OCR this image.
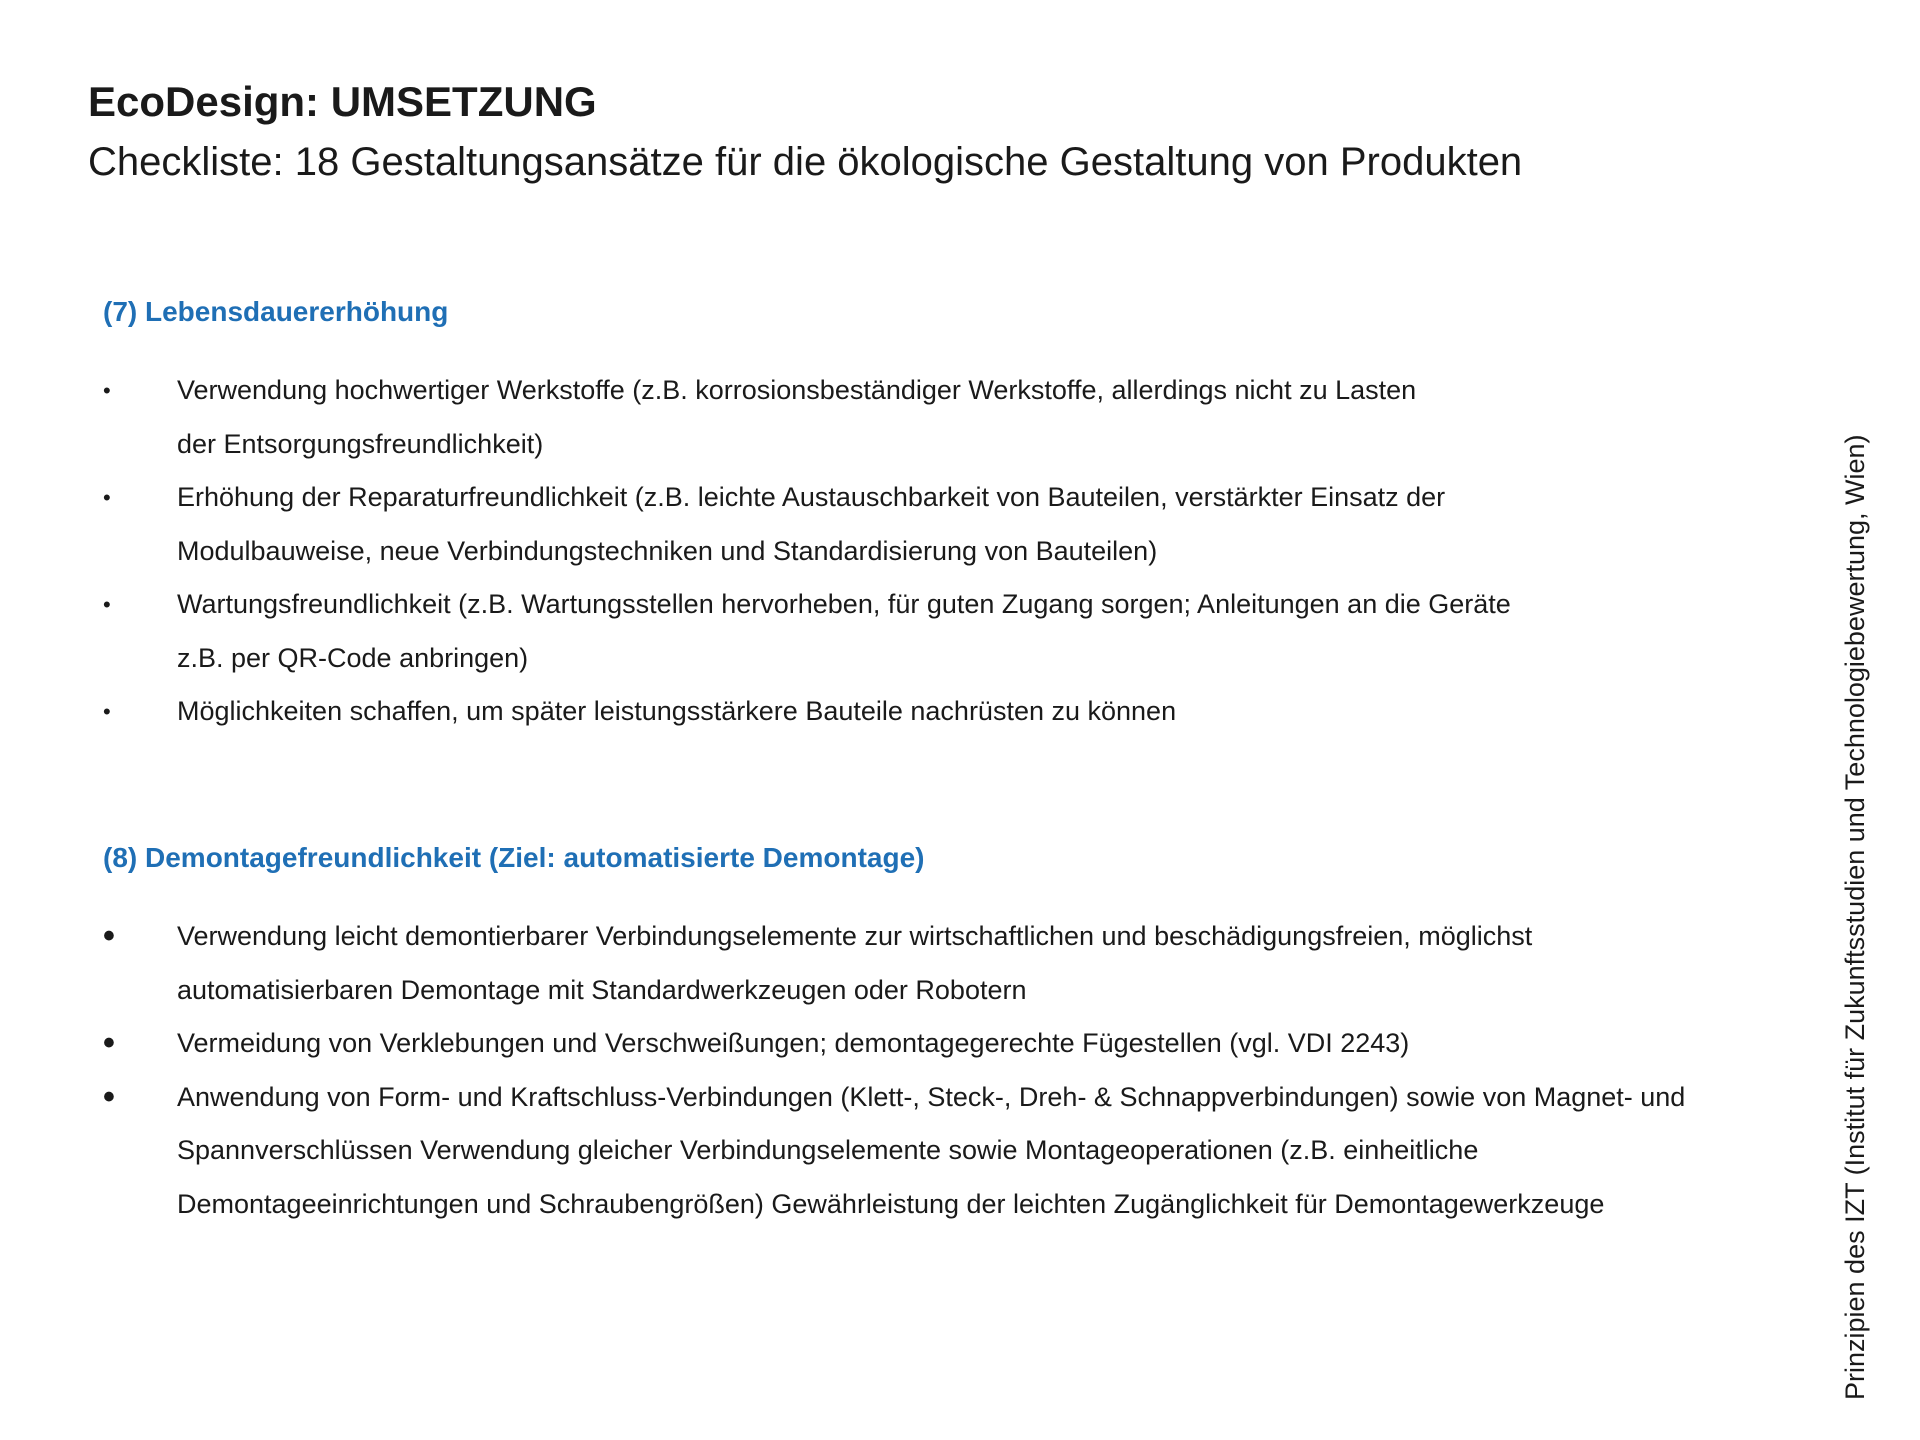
EcoDesign: UMSETZUNG
Checkliste: 18 Gestaltungsansätze für die ökologische Gestaltung von Produkten
(7) Lebensdauererhöhung
•	Verwendung hochwertiger Werkstoffe (z.B. korrosionsbeständiger Werkstoffe, allerdings nicht zu Lasten der Entsorgungsfreundlichkeit)
•	Erhöhung der Reparaturfreundlichkeit (z.B. leichte Austauschbarkeit von Bauteilen, verstärkter Einsatz der Modulbauweise, neue Verbindungstechniken und Standardisierung von Bauteilen)
•	Wartungsfreundlichkeit (z.B. Wartungsstellen hervorheben, für guten Zugang sorgen; Anleitungen an die Geräte z.B. per QR-Code anbringen)
•	Möglichkeiten schaffen, um später leistungsstärkere Bauteile nachrüsten zu können
(8) Demontagefreundlichkeit (Ziel: automatisierte Demontage)
•	Verwendung leicht demontierbarer Verbindungselemente zur wirtschaftlichen und beschädigungsfreien, möglichst automatisierbaren Demontage mit Standardwerkzeugen oder Robotern
•	Vermeidung von Verklebungen und Verschweißungen; demontagegerechte Fügestellen (vgl. VDI 2243)
•	Anwendung von Form- und Kraftschluss-Verbindungen (Klett-, Steck-, Dreh- & Schnappverbindungen) sowie von Magnet- und Spannverschlüssen Verwendung gleicher Verbindungselemente sowie Montageoperationen (z.B. einheitliche Demontageeinrichtungen und Schraubengrößen) Gewährleistung der leichten Zugänglichkeit für Demontagewerkzeuge	Prinzipien des IZT (Institut für Zukunftsstudien und Technologiebewertung, Wien)
